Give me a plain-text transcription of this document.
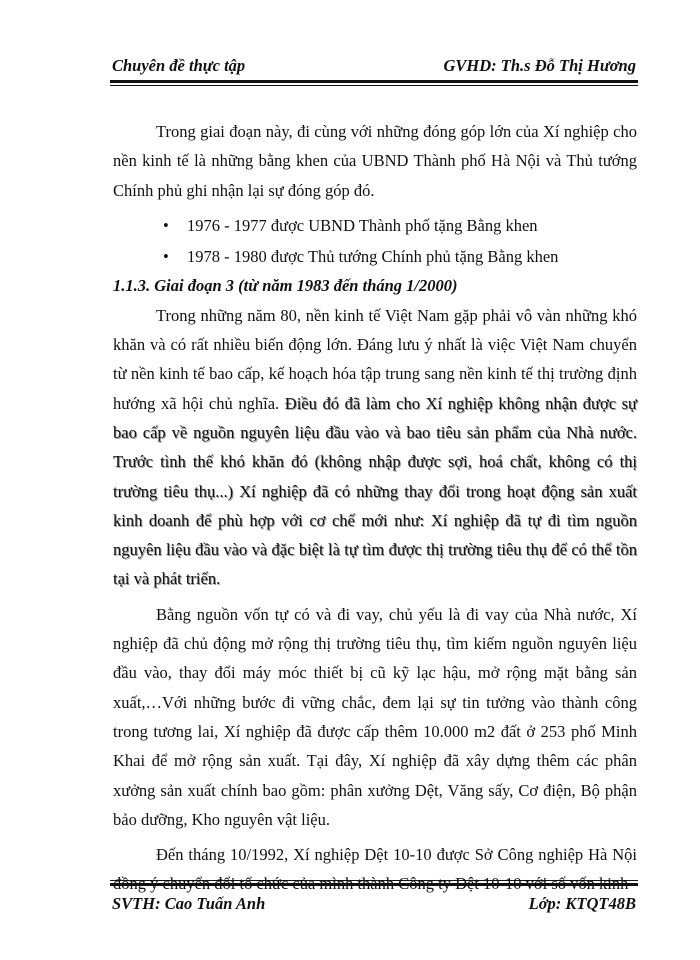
Chuyên đề thực tập	GVHD: Th.s Đỗ Thị Hương

Trong giai đoạn này, đi cùng với những đóng góp lớn của Xí nghiệp cho nền kinh tế là những bằng khen của UBND Thành phố Hà Nội và Thủ tướng Chính phủ ghi nhận lại sự đóng góp đó.

• 1976 - 1977 được UBND Thành phố tặng Bằng khen
• 1978 - 1980 được Thủ tướng Chính phủ tặng Bằng khen

1.1.3. Giai đoạn 3 (từ năm 1983 đến tháng 1/2000)

Trong những năm 80, nền kinh tế Việt Nam gặp phải vô vàn những khó khăn và có rất nhiều biến động lớn. Đáng lưu ý nhất là việc Việt Nam chuyển từ nền kinh tế bao cấp, kế hoạch hóa tập trung sang nền kinh tế thị trường định hướng xã hội chủ nghĩa. Điều đó đã làm cho Xí nghiệp không nhận được sự bao cấp về nguồn nguyên liệu đầu vào và bao tiêu sản phẩm của Nhà nước. Trước tình thế khó khăn đó (không nhập được sợi, hoá chất, không có thị trường tiêu thụ...) Xí nghiệp đã có những thay đổi trong hoạt động sản xuất kinh doanh để phù hợp với cơ chế mới như: Xí nghiệp đã tự đi tìm nguồn nguyên liệu đầu vào và đặc biệt là tự tìm được thị trường tiêu thụ để có thể tồn tại và phát triển.

Bằng nguồn vốn tự có và đi vay, chủ yếu là đi vay của Nhà nước, Xí nghiệp đã chủ động mở rộng thị trường tiêu thụ, tìm kiếm nguồn nguyên liệu đầu vào, thay đổi máy móc thiết bị cũ kỹ lạc hậu, mở rộng mặt bằng sản xuất,…Với những bước đi vững chắc, đem lại sự tin tưởng vào thành công trong tương lai, Xí nghiệp đã được cấp thêm 10.000 m2 đất ở 253 phố Minh Khai để mở rộng sản xuất. Tại đây, Xí nghiệp đã xây dựng thêm các phân xưởng sản xuất chính bao gồm: phân xưởng Dệt, Văng sấy, Cơ điện, Bộ phận bảo dưỡng, Kho nguyên vật liệu.

Đến tháng 10/1992, Xí nghiệp Dệt 10-10 được Sở Công nghiệp Hà Nội đồng ý chuyển đổi tổ chức của mình thành Công ty Dệt 10-10 với số vốn kinh

SVTH: Cao Tuấn Anh	Lớp: KTQT48B
